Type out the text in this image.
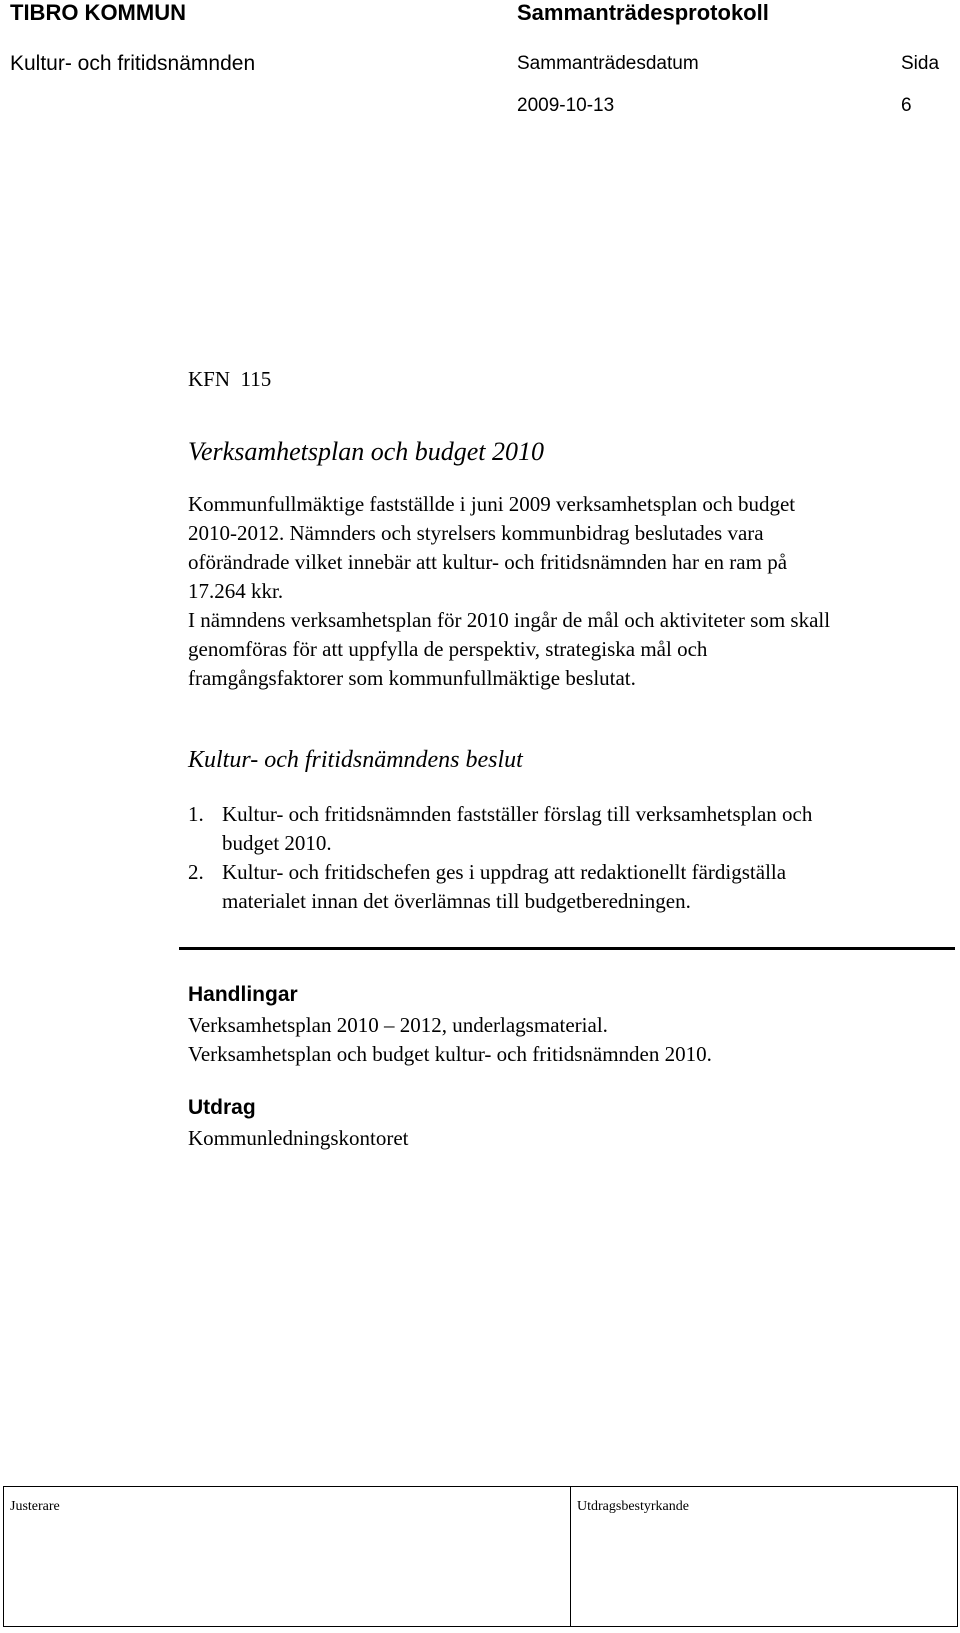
TIBRO KOMMUN	Sammanträdesprotokoll
Kultur- och fritidsnämnden	Sammanträdesdatum	Sida
2009-10-13	6
KFN  115
Verksamhetsplan och budget 2010
Kommunfullmäktige fastställde i juni 2009 verksamhetsplan och budget
2010-2012. Nämnders och styrelsers kommunbidrag beslutades vara
oförändrade vilket innebär att kultur- och fritidsnämnden har en ram på
17.264 kkr.
I nämndens verksamhetsplan för 2010 ingår de mål och aktiviteter som skall
genomföras för att uppfylla de perspektiv, strategiska mål och
framgångsfaktorer som kommunfullmäktige beslutat.
Kultur- och fritidsnämndens beslut
1. Kultur- och fritidsnämnden fastställer förslag till verksamhetsplan och
budget 2010.
2. Kultur- och fritidschefen ges i uppdrag att redaktionellt färdigställa
materialet innan det överlämnas till budgetberedningen.
Handlingar
Verksamhetsplan 2010 – 2012, underlagsmaterial.
Verksamhetsplan och budget kultur- och fritidsnämnden 2010.
Utdrag
Kommunledningskontoret
Justerare	Utdragsbestyrkande
